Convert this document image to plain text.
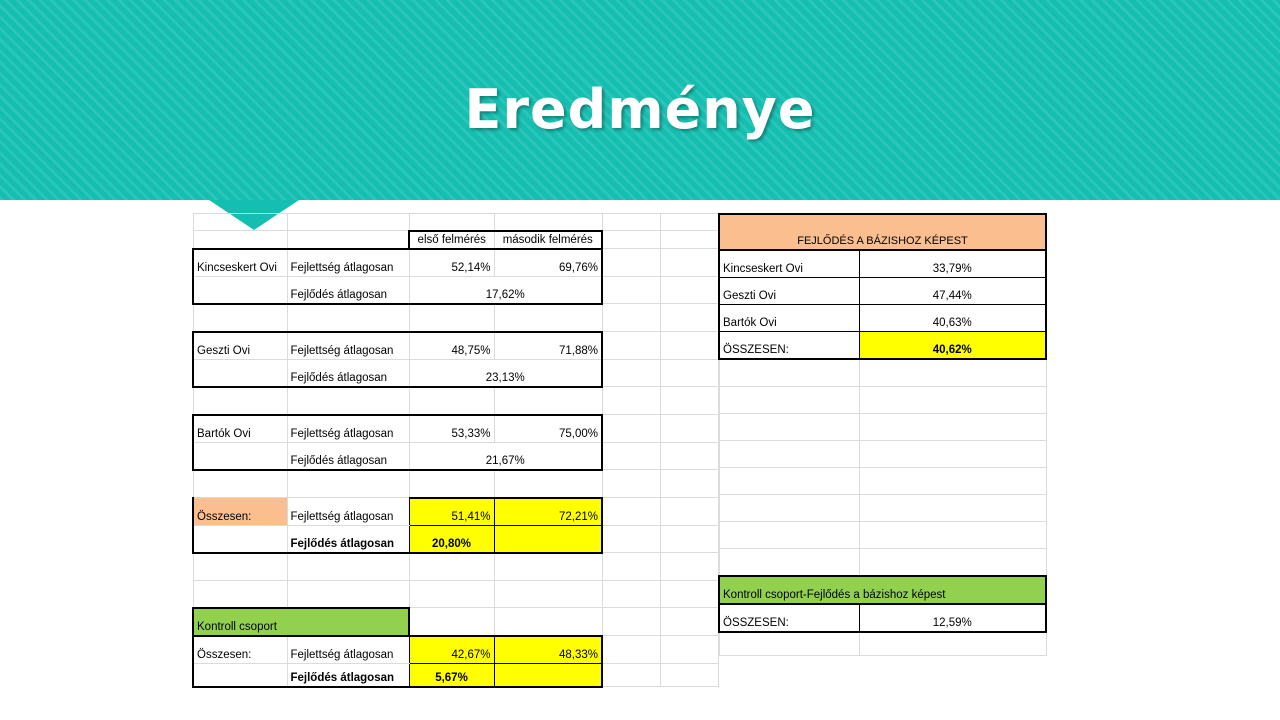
Eredménye

		első felmérés	második felmérés		
Kincseskert Ovi	Fejlettség átlagosan	52,14%	69,76%		
	Fejlődés átlagosan	17,62%			

Geszti Ovi	Fejlettség átlagosan	48,75%	71,88%		
	Fejlődés átlagosan	23,13%			

Bartók Ovi	Fejlettség átlagosan	53,33%	75,00%		
	Fejlődés átlagosan	21,67%			

Összesen:	Fejlettség átlagosan	51,41%	72,21%		
	Fejlődés átlagosan	20,80%			

Kontroll csoport					
Összesen:	Fejlettség átlagosan	42,67%	48,33%		
	Fejlődés átlagosan	5,67%			
FEJLŐDÉS A BÁZISHOZ KÉPEST	
Kincseskert Ovi	33,79%
Geszti Ovi	47,44%
Bartók Ovi	40,63%
ÖSSZESEN:	40,62%

Kontroll csoport-Fejlődés a bázishoz képest	
ÖSSZESEN:	12,59%
